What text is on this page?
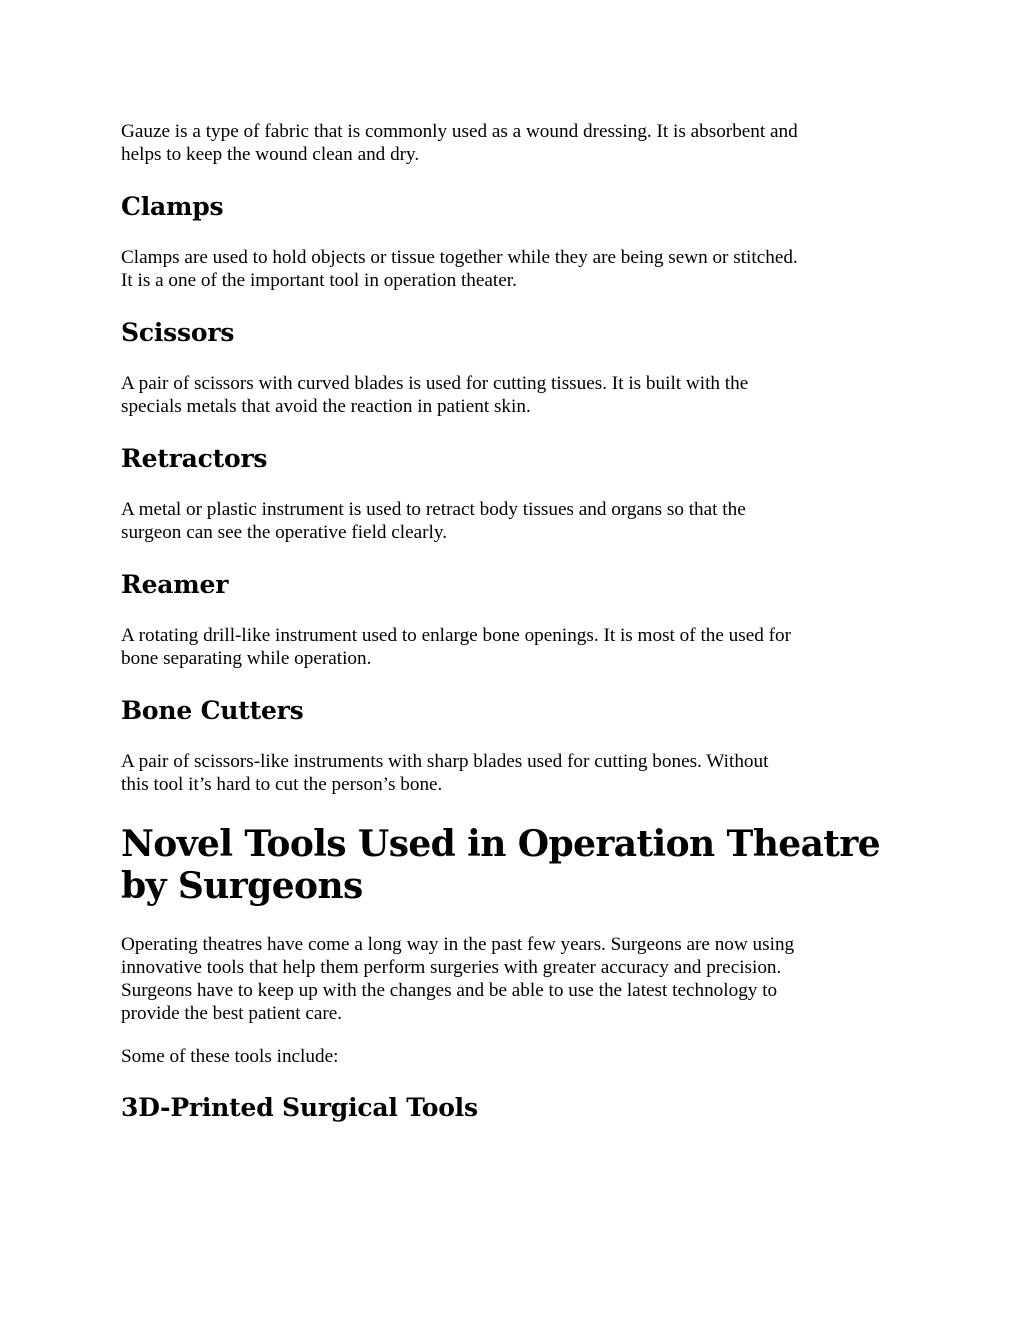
Gauze is a type of fabric that is commonly used as a wound dressing. It is absorbent and
helps to keep the wound clean and dry.

Clamps

Clamps are used to hold objects or tissue together while they are being sewn or stitched.
It is a one of the important tool in operation theater.

Scissors

A pair of scissors with curved blades is used for cutting tissues. It is built with the
specials metals that avoid the reaction in patient skin.

Retractors

A metal or plastic instrument is used to retract body tissues and organs so that the
surgeon can see the operative field clearly.

Reamer

A rotating drill-like instrument used to enlarge bone openings. It is most of the used for
bone separating while operation.

Bone Cutters

A pair of scissors-like instruments with sharp blades used for cutting bones. Without
this tool it’s hard to cut the person’s bone.

Novel Tools Used in Operation Theatre
by Surgeons

Operating theatres have come a long way in the past few years. Surgeons are now using
innovative tools that help them perform surgeries with greater accuracy and precision.
Surgeons have to keep up with the changes and be able to use the latest technology to
provide the best patient care.

Some of these tools include:

3D-Printed Surgical Tools
